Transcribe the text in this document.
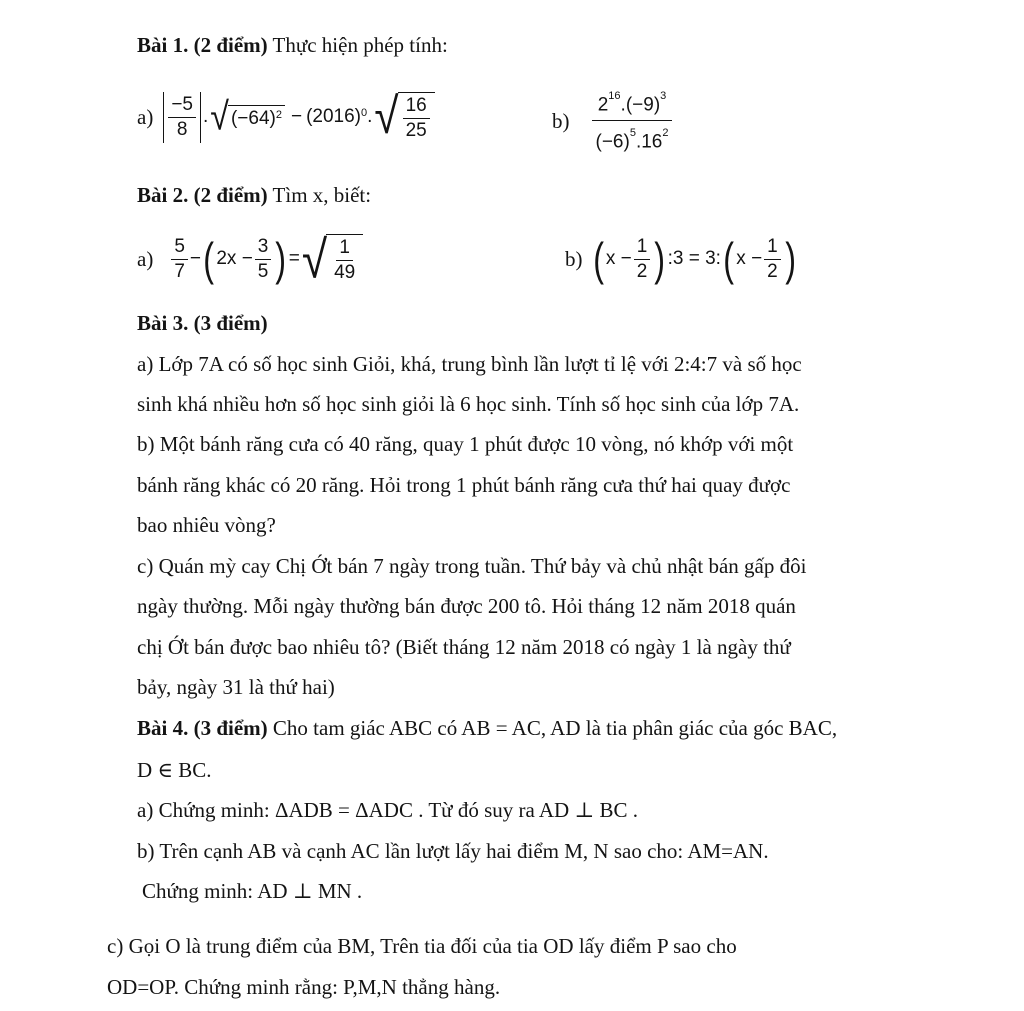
Bài 1. (2 điểm) Thực hiện phép tính:
$a) \frac{-5}{8}$ . √ $(-64)^2 - (2016)^0$ . √ $\frac{16}{25}$	$b) \frac{2^{16}.(-9)^3}{(-6)^5.16^2}$
Bài 2. (2 điểm) Tìm x, biết:
$a) \frac{5}{7}$ − ( $2x - \frac{3}{5}$ ) = √ $\frac{1}{49}$	b) ( $x - \frac{1}{2}$ ) :3 = 3: ( $x - \frac{1}{2}$ )
Bài 3. (3 điểm)
a) Lớp 7A có số học sinh Giỏi, khá, trung bình lần lượt tỉ lệ với 2:4:7 và số học
sinh khá nhiều hơn số học sinh giỏi là 6 học sinh. Tính số học sinh của lớp 7A.
b) Một bánh răng cưa có 40 răng, quay 1 phút được 10 vòng, nó khớp với một
bánh răng khác có 20 răng. Hỏi trong 1 phút bánh răng cưa thứ hai quay được
bao nhiêu vòng?
c) Quán mỳ cay Chị Ớt bán 7 ngày trong tuần. Thứ bảy và chủ nhật bán gấp đôi
ngày thường. Mỗi ngày thường bán được 200 tô. Hỏi tháng 12 năm 2018 quán
chị Ớt bán được bao nhiêu tô? (Biết tháng 12 năm 2018 có ngày 1 là ngày thứ
bảy, ngày 31 là thứ hai)
Bài 4. (3 điểm) Cho tam giác ABC có AB = AC, AD là tia phân giác của góc BAC,
D ∈ BC.
a) Chứng minh: ΔADB = ΔADC . Từ đó suy ra AD ⊥ BC .
b) Trên cạnh AB và cạnh AC lần lượt lấy hai điểm M, N sao cho: AM=AN.
Chứng minh: AD ⊥ MN .
c) Gọi O là trung điểm của BM, Trên tia đối của tia OD lấy điểm P sao cho
OD=OP. Chứng minh rằng: P,M,N thẳng hàng.
